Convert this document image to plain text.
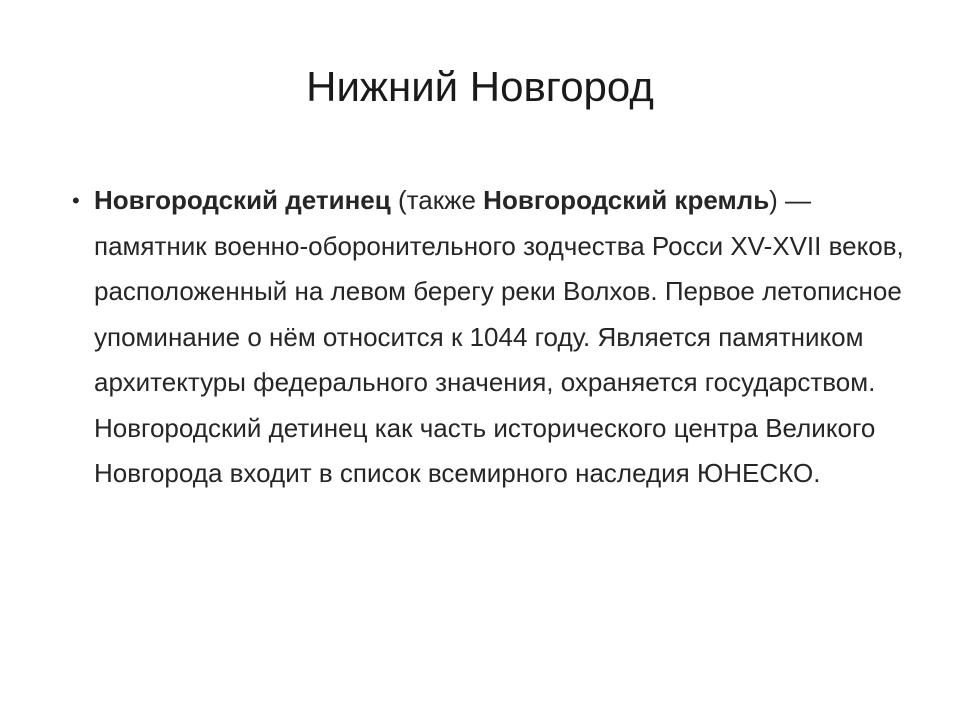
Нижний Новгород
• Новгородский детинец (также Новгородский кремль) — памятник военно-оборонительного зодчества Росси XV-XVII веков, расположенный на левом берегу реки Волхов. Первое летописное упоминание о нём относится к 1044 году. Является памятником архитектуры федерального значения, охраняется государством. Новгородский детинец как часть исторического центра Великого Новгорода входит в список всемирного наследия ЮНЕСКО.
